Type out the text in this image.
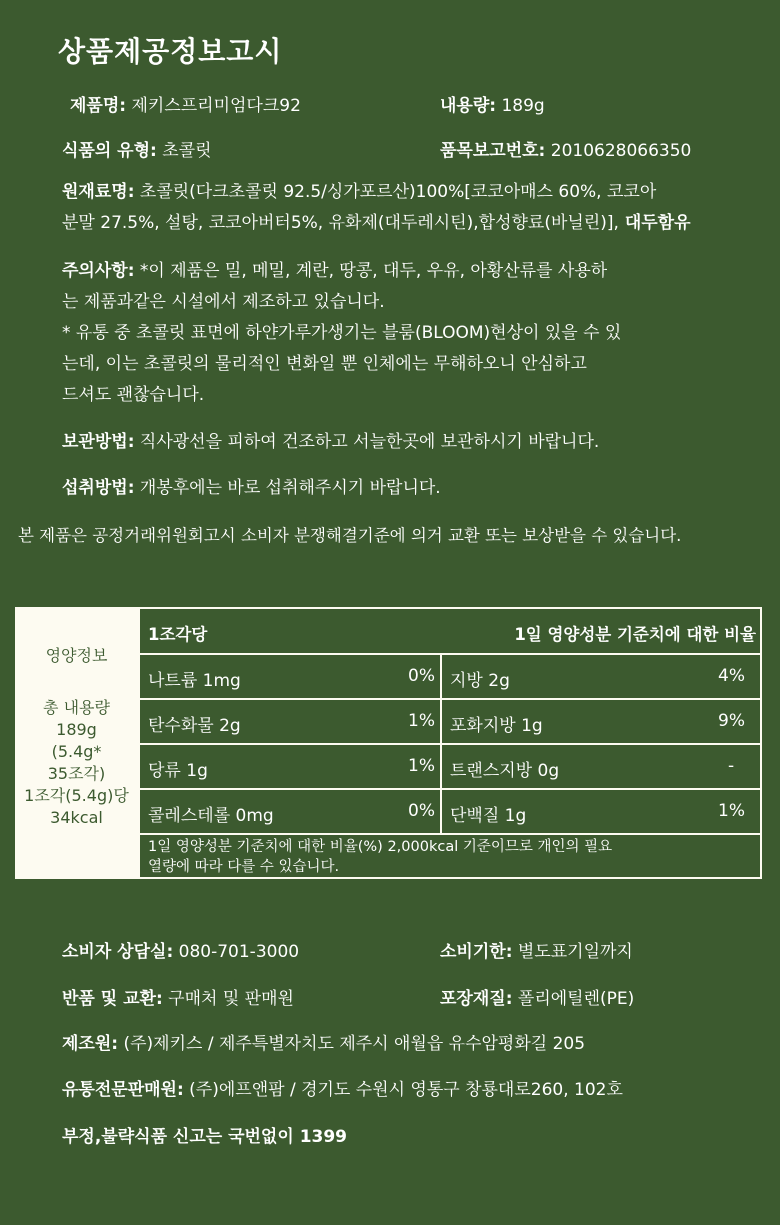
상품제공정보고시
제품명: 제키스프리미엄다크92	내용량: 189g
식품의 유형: 초콜릿	품목보고번호: 2010628066350
원재료명: 초콜릿(다크초콜릿 92.5/싱가포르산)100%[코코아매스 60%, 코코아
분말 27.5%, 설탕, 코코아버터5%, 유화제(대두레시틴),합성향료(바닐린)], 대두함유
주의사항: *이 제품은 밀, 메밀, 계란, 땅콩, 대두, 우유, 아황산류를 사용하
는 제품과같은 시설에서 제조하고 있습니다.
* 유통 중 초콜릿 표면에 하얀가루가생기는 블룸(BLOOM)현상이 있을 수 있
는데, 이는 초콜릿의 물리적인 변화일 뿐 인체에는 무해하오니 안심하고
드셔도 괜찮습니다.
보관방법: 직사광선을 피하여 건조하고 서늘한곳에 보관하시기 바랍니다.
섭취방법: 개봉후에는 바로 섭취해주시기 바랍니다.
본 제품은 공정거래위원회고시 소비자 분쟁해결기준에 의거 교환 또는 보상받을 수 있습니다.
영양정보
총 내용량
189g
(5.4g*
35조각)
1조각(5.4g)당
34kcal
1조각당	1일 영양성분 기준치에 대한 비율
나트륨 1mg	0% 지방 2g	4%
탄수화물 2g	1% 포화지방 1g	9%
당류 1g	1% 트랜스지방 0g	-
콜레스테롤 0mg	0% 단백질 1g	1%
1일 영양성분 기준치에 대한 비율(%) 2,000kcal 기준이므로 개인의 필요
열량에 따라 다를 수 있습니다.
소비자 상담실: 080-701-3000	소비기한: 별도표기일까지
반품 및 교환: 구매처 및 판매원	포장재질: 폴리에틸렌(PE)
제조원: (주)제키스 / 제주특별자치도 제주시 애월읍 유수암평화길 205
유통전문판매원: (주)에프앤팜 / 경기도 수원시 영통구 창룡대로260, 102호
부정,불략식품 신고는 국번없이 1399
